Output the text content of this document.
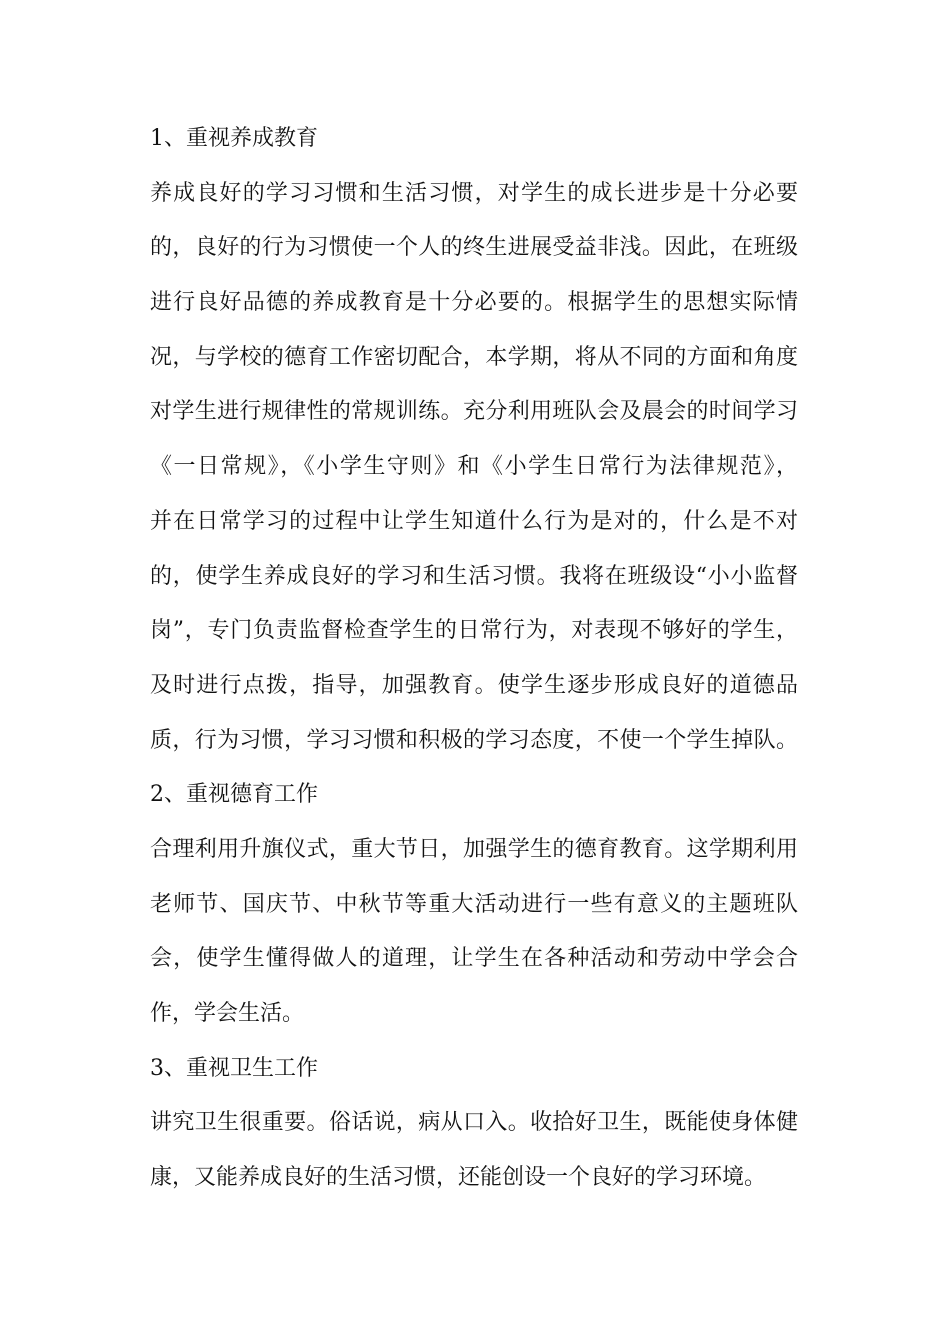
1、重视养成教育
养成良好的学习习惯和生活习惯，对学生的成长进步是十分必要
的，良好的行为习惯使一个人的终生进展受益非浅。因此，在班级
进行良好品德的养成教育是十分必要的。根据学生的思想实际情
况，与学校的德育工作密切配合，本学期，将从不同的方面和角度
对学生进行规律性的常规训练。充分利用班队会及晨会的时间学习
《一日常规》，《小学生守则》和《小学生日常行为法律规范》，
并在日常学习的过程中让学生知道什么行为是对的，什么是不对
的，使学生养成良好的学习和生活习惯。我将在班级设“小小监督
岗”，专门负责监督检查学生的日常行为，对表现不够好的学生，
及时进行点拨，指导，加强教育。使学生逐步形成良好的道德品
质，行为习惯，学习习惯和积极的学习态度，不使一个学生掉队。
2、重视德育工作
合理利用升旗仪式，重大节日，加强学生的德育教育。这学期利用
老师节、国庆节、中秋节等重大活动进行一些有意义的主题班队
会，使学生懂得做人的道理，让学生在各种活动和劳动中学会合
作，学会生活。
3、重视卫生工作
讲究卫生很重要。俗话说，病从口入。收拾好卫生，既能使身体健
康，又能养成良好的生活习惯，还能创设一个良好的学习环境。
